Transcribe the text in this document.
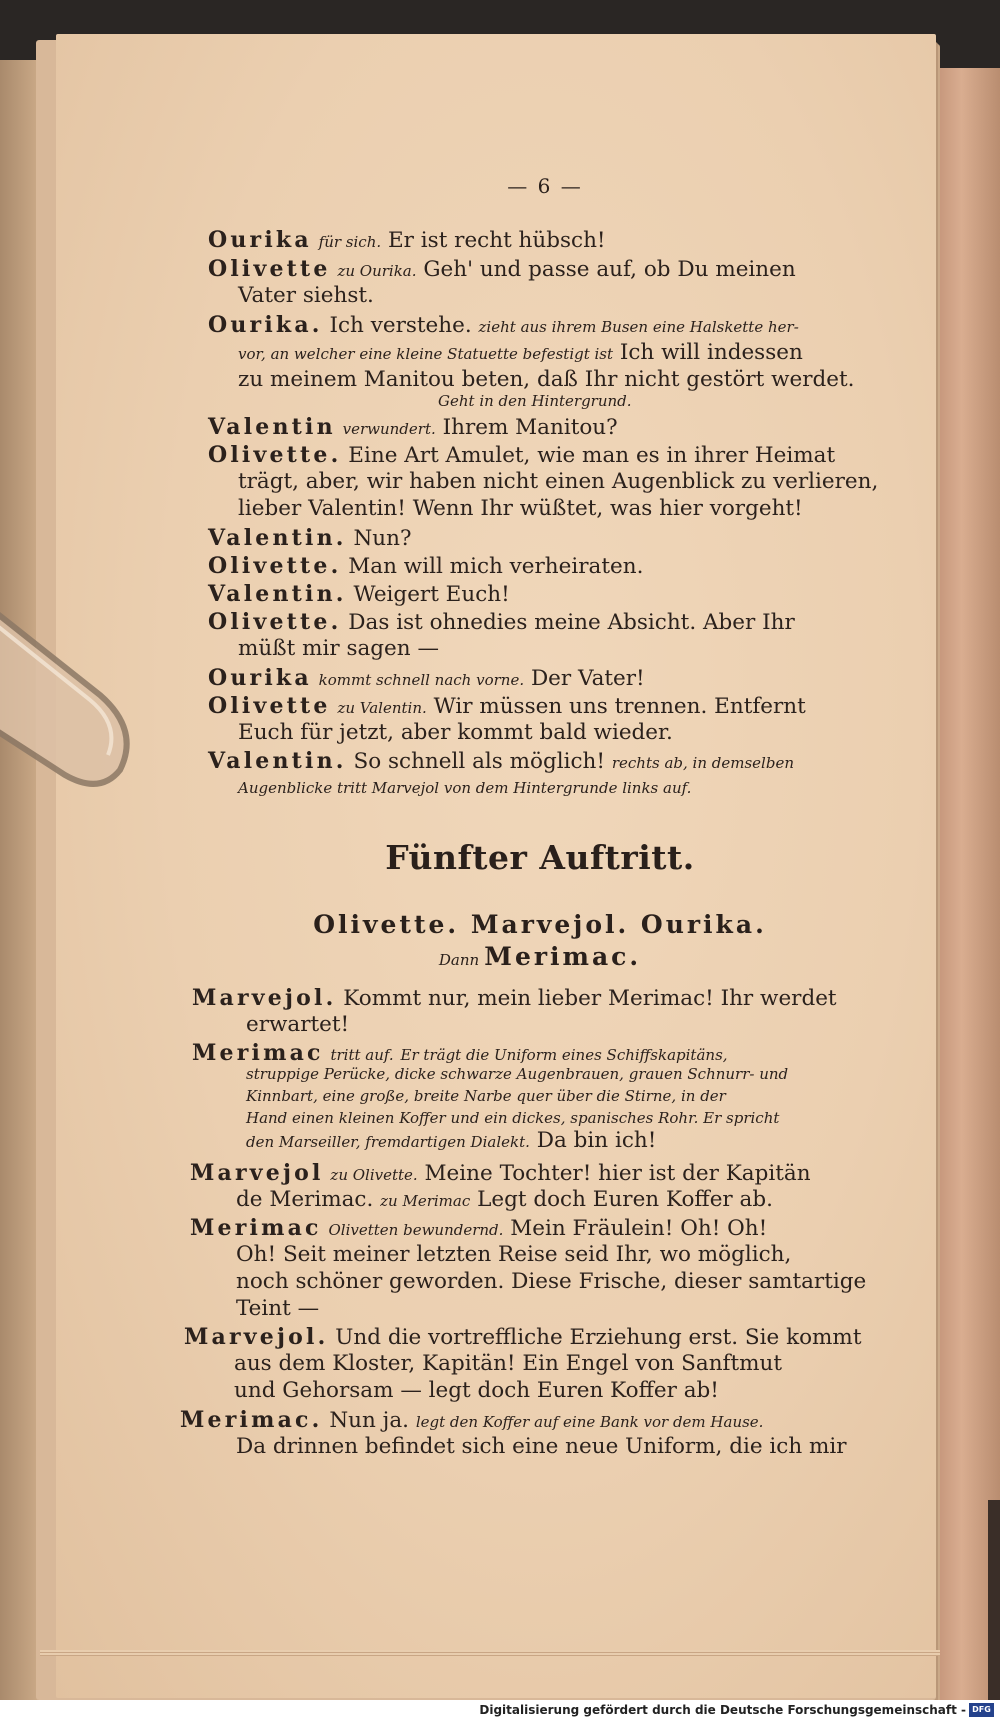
— 6 —
Ourika für sich. Er ist recht hübsch!
Olivette zu Ourika. Geh' und passe auf, ob Du meinen
Vater siehst.
Ourika. Ich verstehe. zieht aus ihrem Busen eine Halskette her-
vor, an welcher eine kleine Statuette befestigt ist Ich will indessen
zu meinem Manitou beten, daß Ihr nicht gestört werdet.
Geht in den Hintergrund.
Valentin verwundert. Ihrem Manitou?
Olivette. Eine Art Amulet, wie man es in ihrer Heimat
trägt, aber, wir haben nicht einen Augenblick zu verlieren,
lieber Valentin! Wenn Ihr wüßtet, was hier vorgeht!
Valentin. Nun?
Olivette. Man will mich verheiraten.
Valentin. Weigert Euch!
Olivette. Das ist ohnedies meine Absicht. Aber Ihr
müßt mir sagen —
Ourika kommt schnell nach vorne. Der Vater!
Olivette zu Valentin. Wir müssen uns trennen. Entfernt
Euch für jetzt, aber kommt bald wieder.
Valentin. So schnell als möglich! rechts ab, in demselben
Augenblicke tritt Marvejol von dem Hintergrunde links auf.
Fünfter Auftritt.
Olivette. Marvejol. Ourika.
Dann Merimac.
Marvejol. Kommt nur, mein lieber Merimac! Ihr werdet
erwartet!
Merimac tritt auf. Er trägt die Uniform eines Schiffskapitäns,
struppige Perücke, dicke schwarze Augenbrauen, grauen Schnurr- und
Kinnbart, eine große, breite Narbe quer über die Stirne, in der
Hand einen kleinen Koffer und ein dickes, spanisches Rohr. Er spricht
den Marseiller, fremdartigen Dialekt. Da bin ich!
Marvejol zu Olivette. Meine Tochter! hier ist der Kapitän
de Merimac. zu Merimac Legt doch Euren Koffer ab.
Merimac Olivetten bewundernd. Mein Fräulein! Oh! Oh!
Oh! Seit meiner letzten Reise seid Ihr, wo möglich,
noch schöner geworden. Diese Frische, dieser samtartige
Teint —
Marvejol. Und die vortreffliche Erziehung erst. Sie kommt
aus dem Kloster, Kapitän! Ein Engel von Sanftmut
und Gehorsam — legt doch Euren Koffer ab!
Merimac. Nun ja. legt den Koffer auf eine Bank vor dem Hause.
Da drinnen befindet sich eine neue Uniform, die ich mir
Digitalisierung gefördert durch die Deutsche Forschungsgemeinschaft - DFG
